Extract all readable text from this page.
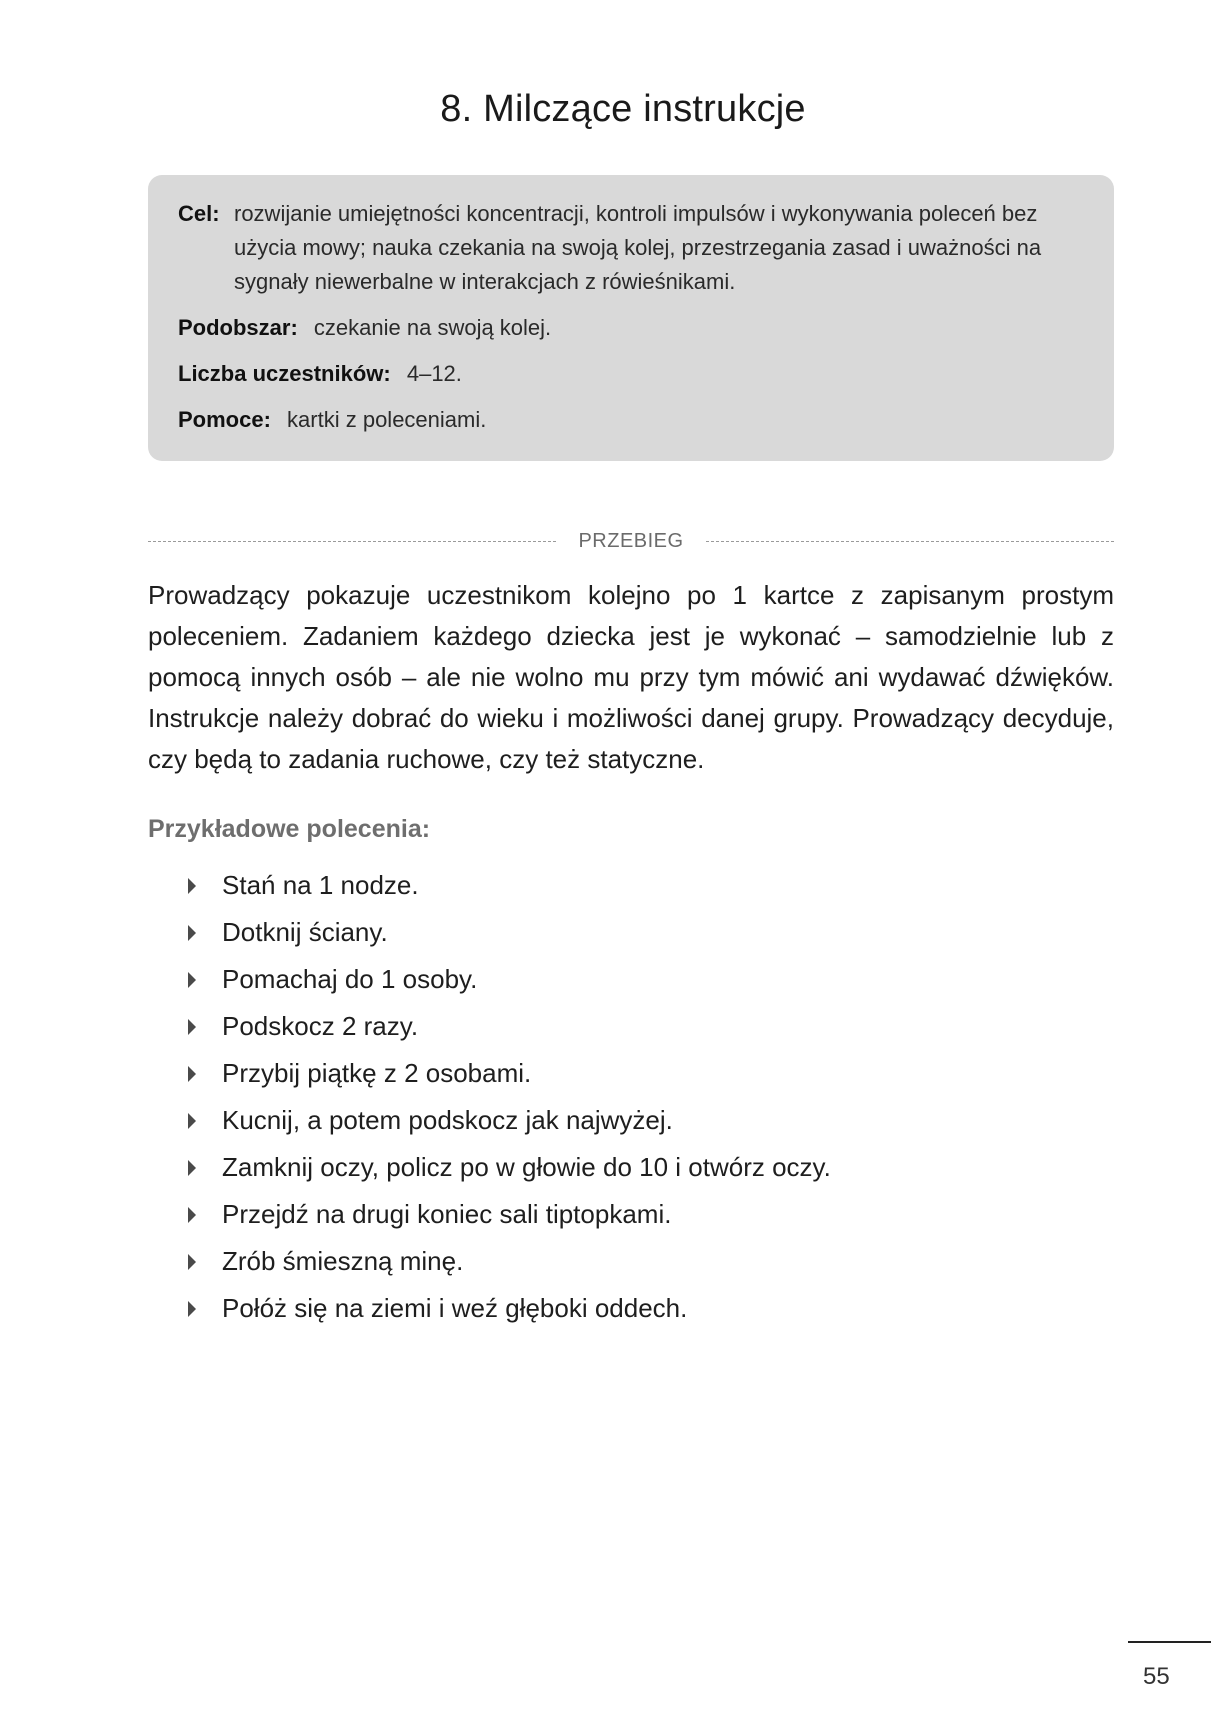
8. Milczące instrukcje
Cel: rozwijanie umiejętności koncentracji, kontroli impulsów i wykonywania poleceń bez użycia mowy; nauka czekania na swoją kolej, przestrzegania zasad i uważności na sygnały niewerbalne w interakcjach z rówieśnikami.
Podobszar: czekanie na swoją kolej.
Liczba uczestników: 4–12.
Pomoce: kartki z poleceniami.
PRZEBIEG

Prowadzący pokazuje uczestnikom kolejno po 1 kartce z zapisanym prostym poleceniem. Zadaniem każdego dziecka jest je wykonać – samodzielnie lub z pomocą innych osób – ale nie wolno mu przy tym mówić ani wydawać dźwięków. Instrukcje należy dobrać do wieku i możliwości danej grupy. Prowadzący decyduje, czy będą to zadania ruchowe, czy też statyczne.

Przykładowe polecenia:
Stań na 1 nodze.
Dotknij ściany.
Pomachaj do 1 osoby.
Podskocz 2 razy.
Przybij piątkę z 2 osobami.
Kucnij, a potem podskocz jak najwyżej.
Zamknij oczy, policz po w głowie do 10 i otwórz oczy.
Przejdź na drugi koniec sali tiptopkami.
Zrób śmieszną minę.
Połóż się na ziemi i weź głęboki oddech.
55
